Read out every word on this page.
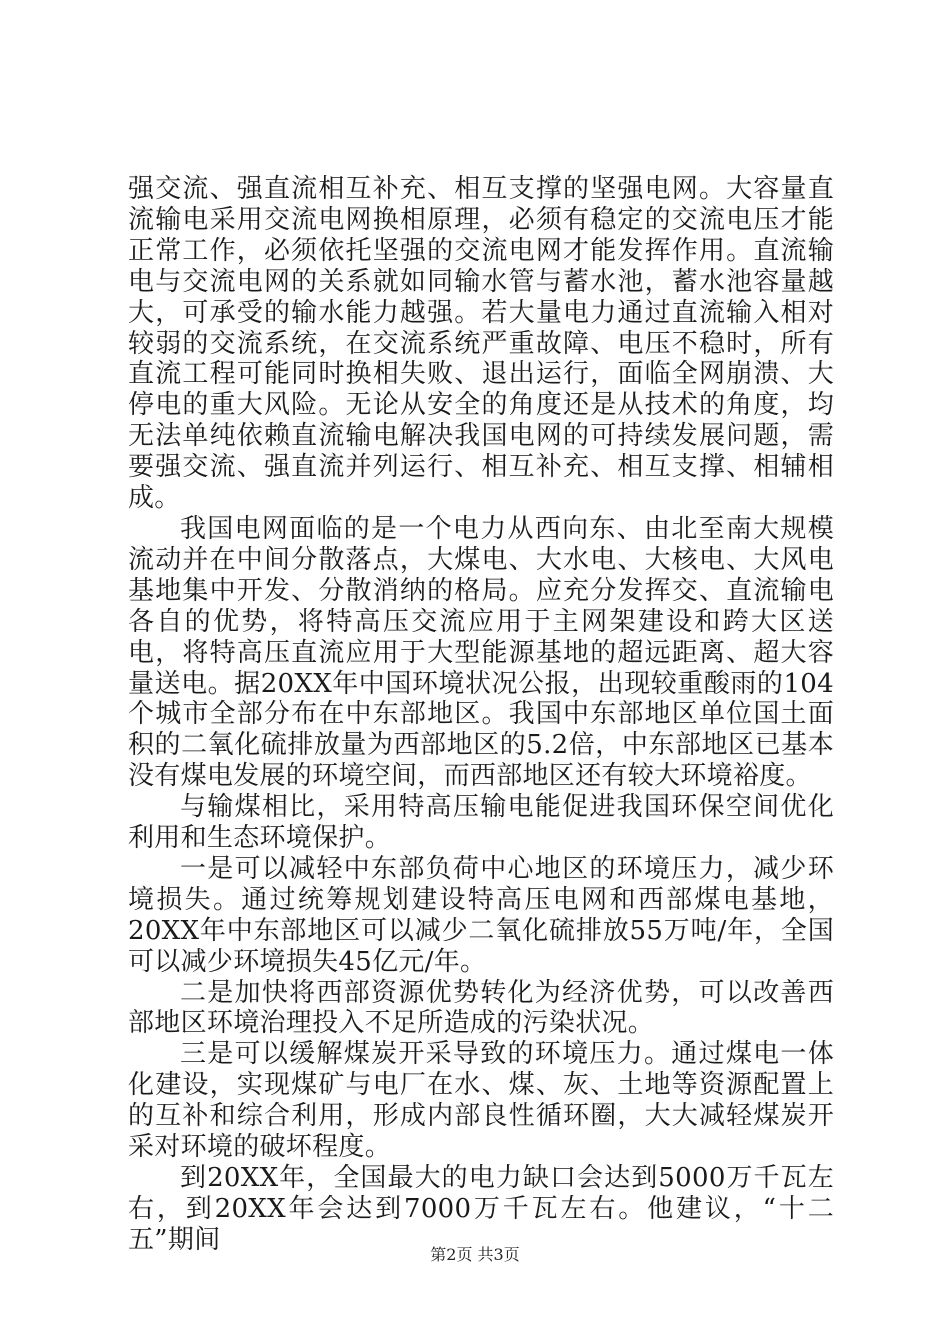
强交流、强直流相互补充、相互支撑的坚强电网。大容量直流输电采用交流电网换相原理，必须有稳定的交流电压才能正常工作，必须依托坚强的交流电网才能发挥作用。直流输电与交流电网的关系就如同输水管与蓄水池，蓄水池容量越大，可承受的输水能力越强。若大量电力通过直流输入相对较弱的交流系统，在交流系统严重故障、电压不稳时，所有直流工程可能同时换相失败、退出运行，面临全网崩溃、大停电的重大风险。无论从安全的角度还是从技术的角度，均无法单纯依赖直流输电解决我国电网的可持续发展问题，需要强交流、强直流并列运行、相互补充、相互支撑、相辅相成。

我国电网面临的是一个电力从西向东、由北至南大规模流动并在中间分散落点，大煤电、大水电、大核电、大风电基地集中开发、分散消纳的格局。应充分发挥交、直流输电各自的优势，将特高压交流应用于主网架建设和跨大区送电，将特高压直流应用于大型能源基地的超远距离、超大容量送电。据20XX年中国环境状况公报，出现较重酸雨的104个城市全部分布在中东部地区。我国中东部地区单位国土面积的二氧化硫排放量为西部地区的5.2倍，中东部地区已基本没有煤电发展的环境空间，而西部地区还有较大环境裕度。

与输煤相比，采用特高压输电能促进我国环保空间优化利用和生态环境保护。

一是可以减轻中东部负荷中心地区的环境压力，减少环境损失。通过统筹规划建设特高压电网和西部煤电基地，20XX年中东部地区可以减少二氧化硫排放55万吨/年，全国可以减少环境损失45亿元/年。

二是加快将西部资源优势转化为经济优势，可以改善西部地区环境治理投入不足所造成的污染状况。

三是可以缓解煤炭开采导致的环境压力。通过煤电一体化建设，实现煤矿与电厂在水、煤、灰、土地等资源配置上的互补和综合利用，形成内部良性循环圈，大大减轻煤炭开采对环境的破坏程度。

到20XX年，全国最大的电力缺口会达到5000万千瓦左右，到20XX年会达到7000万千瓦左右。他建议，“十二五”期间	第2页 共3页
